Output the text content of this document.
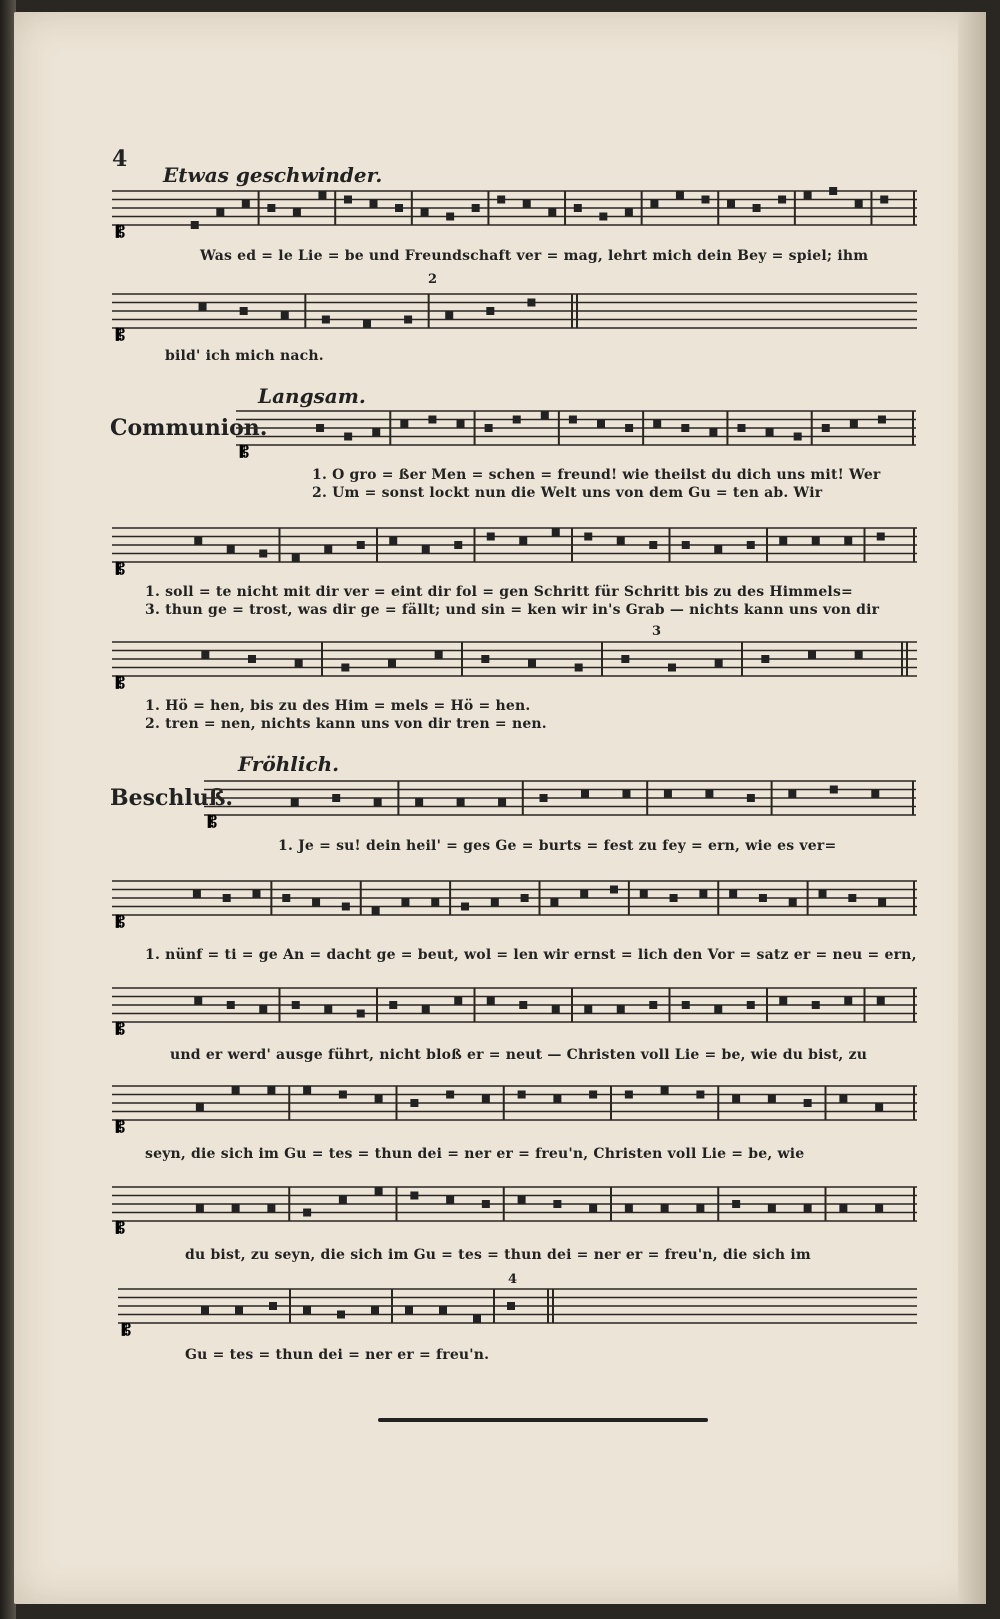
4
Etwas geschwinder.
𝄡
Was ed = le Lie = be und Freundschaft ver = mag, lehrt mich dein Bey = spiel; ihm
2
𝄡
bild' ich mich nach.
Langsam.
Communion.
𝄡
1. O gro = ßer Men = schen = freund! wie theilst du dich uns mit! Wer
2. Um = sonst lockt nun die Welt uns von dem Gu = ten ab. Wir
𝄡
1. soll = te nicht mit dir ver = eint dir fol = gen Schritt für Schritt bis zu des Himmels=
3. thun ge = trost, was dir ge = fällt; und sin = ken wir in's Grab — nichts kann uns von dir
3
𝄡
1. Hö = hen, bis zu des Him = mels = Hö = hen.
2. tren = nen, nichts kann uns von dir tren = nen.
Fröhlich.
Beschluß.
𝄡
1. Je = su! dein heil' = ges Ge = burts = fest zu fey = ern, wie es ver=
𝄡
1. nünf = ti = ge An = dacht ge = beut, wol = len wir ernst = lich den Vor = satz er = neu = ern,
𝄡
und er werd' ausge führt, nicht bloß er = neut — Christen voll Lie = be, wie du bist, zu
𝄡
seyn, die sich im Gu = tes = thun dei = ner er = freu'n, Christen voll Lie = be, wie
𝄡
du bist, zu seyn, die sich im Gu = tes = thun dei = ner er = freu'n, die sich im
4
𝄡
Gu = tes = thun dei = ner er = freu'n.
